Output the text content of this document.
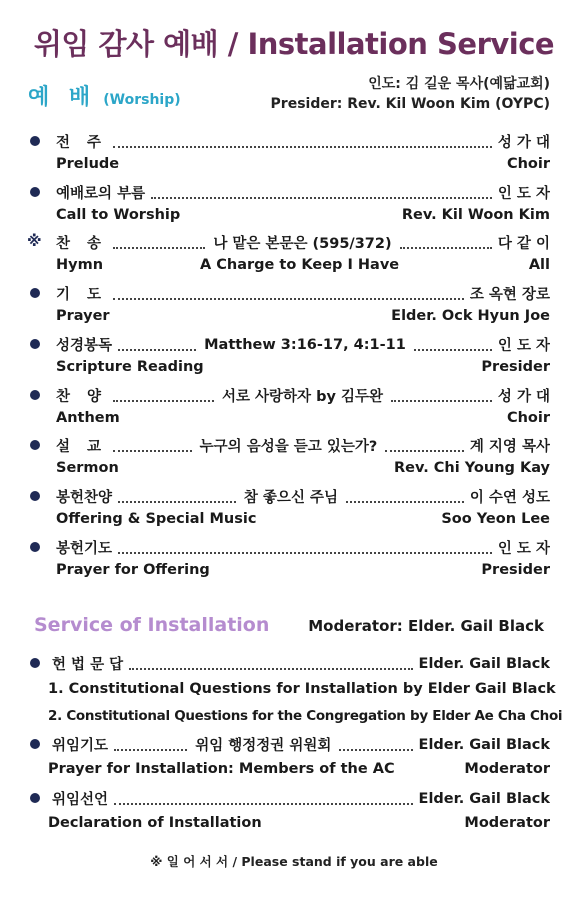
위임 감사 예배 / Installation Service
예 배 (Worship)
인도: 김 길운 목사(예닮교회)
Presider: Rev. Kil Woon Kim (OYPC)
전 주	성 가 대
Prelude	Choir
예배로의 부름	인 도 자
Call to Worship	Rev. Kil Woon Kim
※ 찬 송	나 맡은 본문은 (595/372)	다 같 이
Hymn	A Charge to Keep I Have	All
기 도	조 옥현 장로
Prayer	Elder. Ock Hyun Joe
성경봉독	Matthew 3:16-17, 4:1-11	인 도 자
Scripture Reading	Presider
찬 양	서로 사랑하자 by 김두완	성 가 대
Anthem	Choir
설 교	누구의 음성을 듣고 있는가?	계 지영 목사
Sermon	Rev. Chi Young Kay
봉헌찬양	참 좋으신 주님	이 수연 성도
Offering & Special Music	Soo Yeon Lee
봉헌기도	인 도 자
Prayer for Offering	Presider
Service of Installation	Moderator: Elder. Gail Black
헌 법 문 답	Elder. Gail Black
1. Constitutional Questions for Installation by Elder Gail Black
2. Constitutional Questions for the Congregation by Elder Ae Cha Choi
위임기도	위임 행정정권 위원회	Elder. Gail Black
Prayer for Installation: Members of the AC	Moderator
위임선언	Elder. Gail Black
Declaration of Installation	Moderator
※ 일 어 서 서 / Please stand if you are able
